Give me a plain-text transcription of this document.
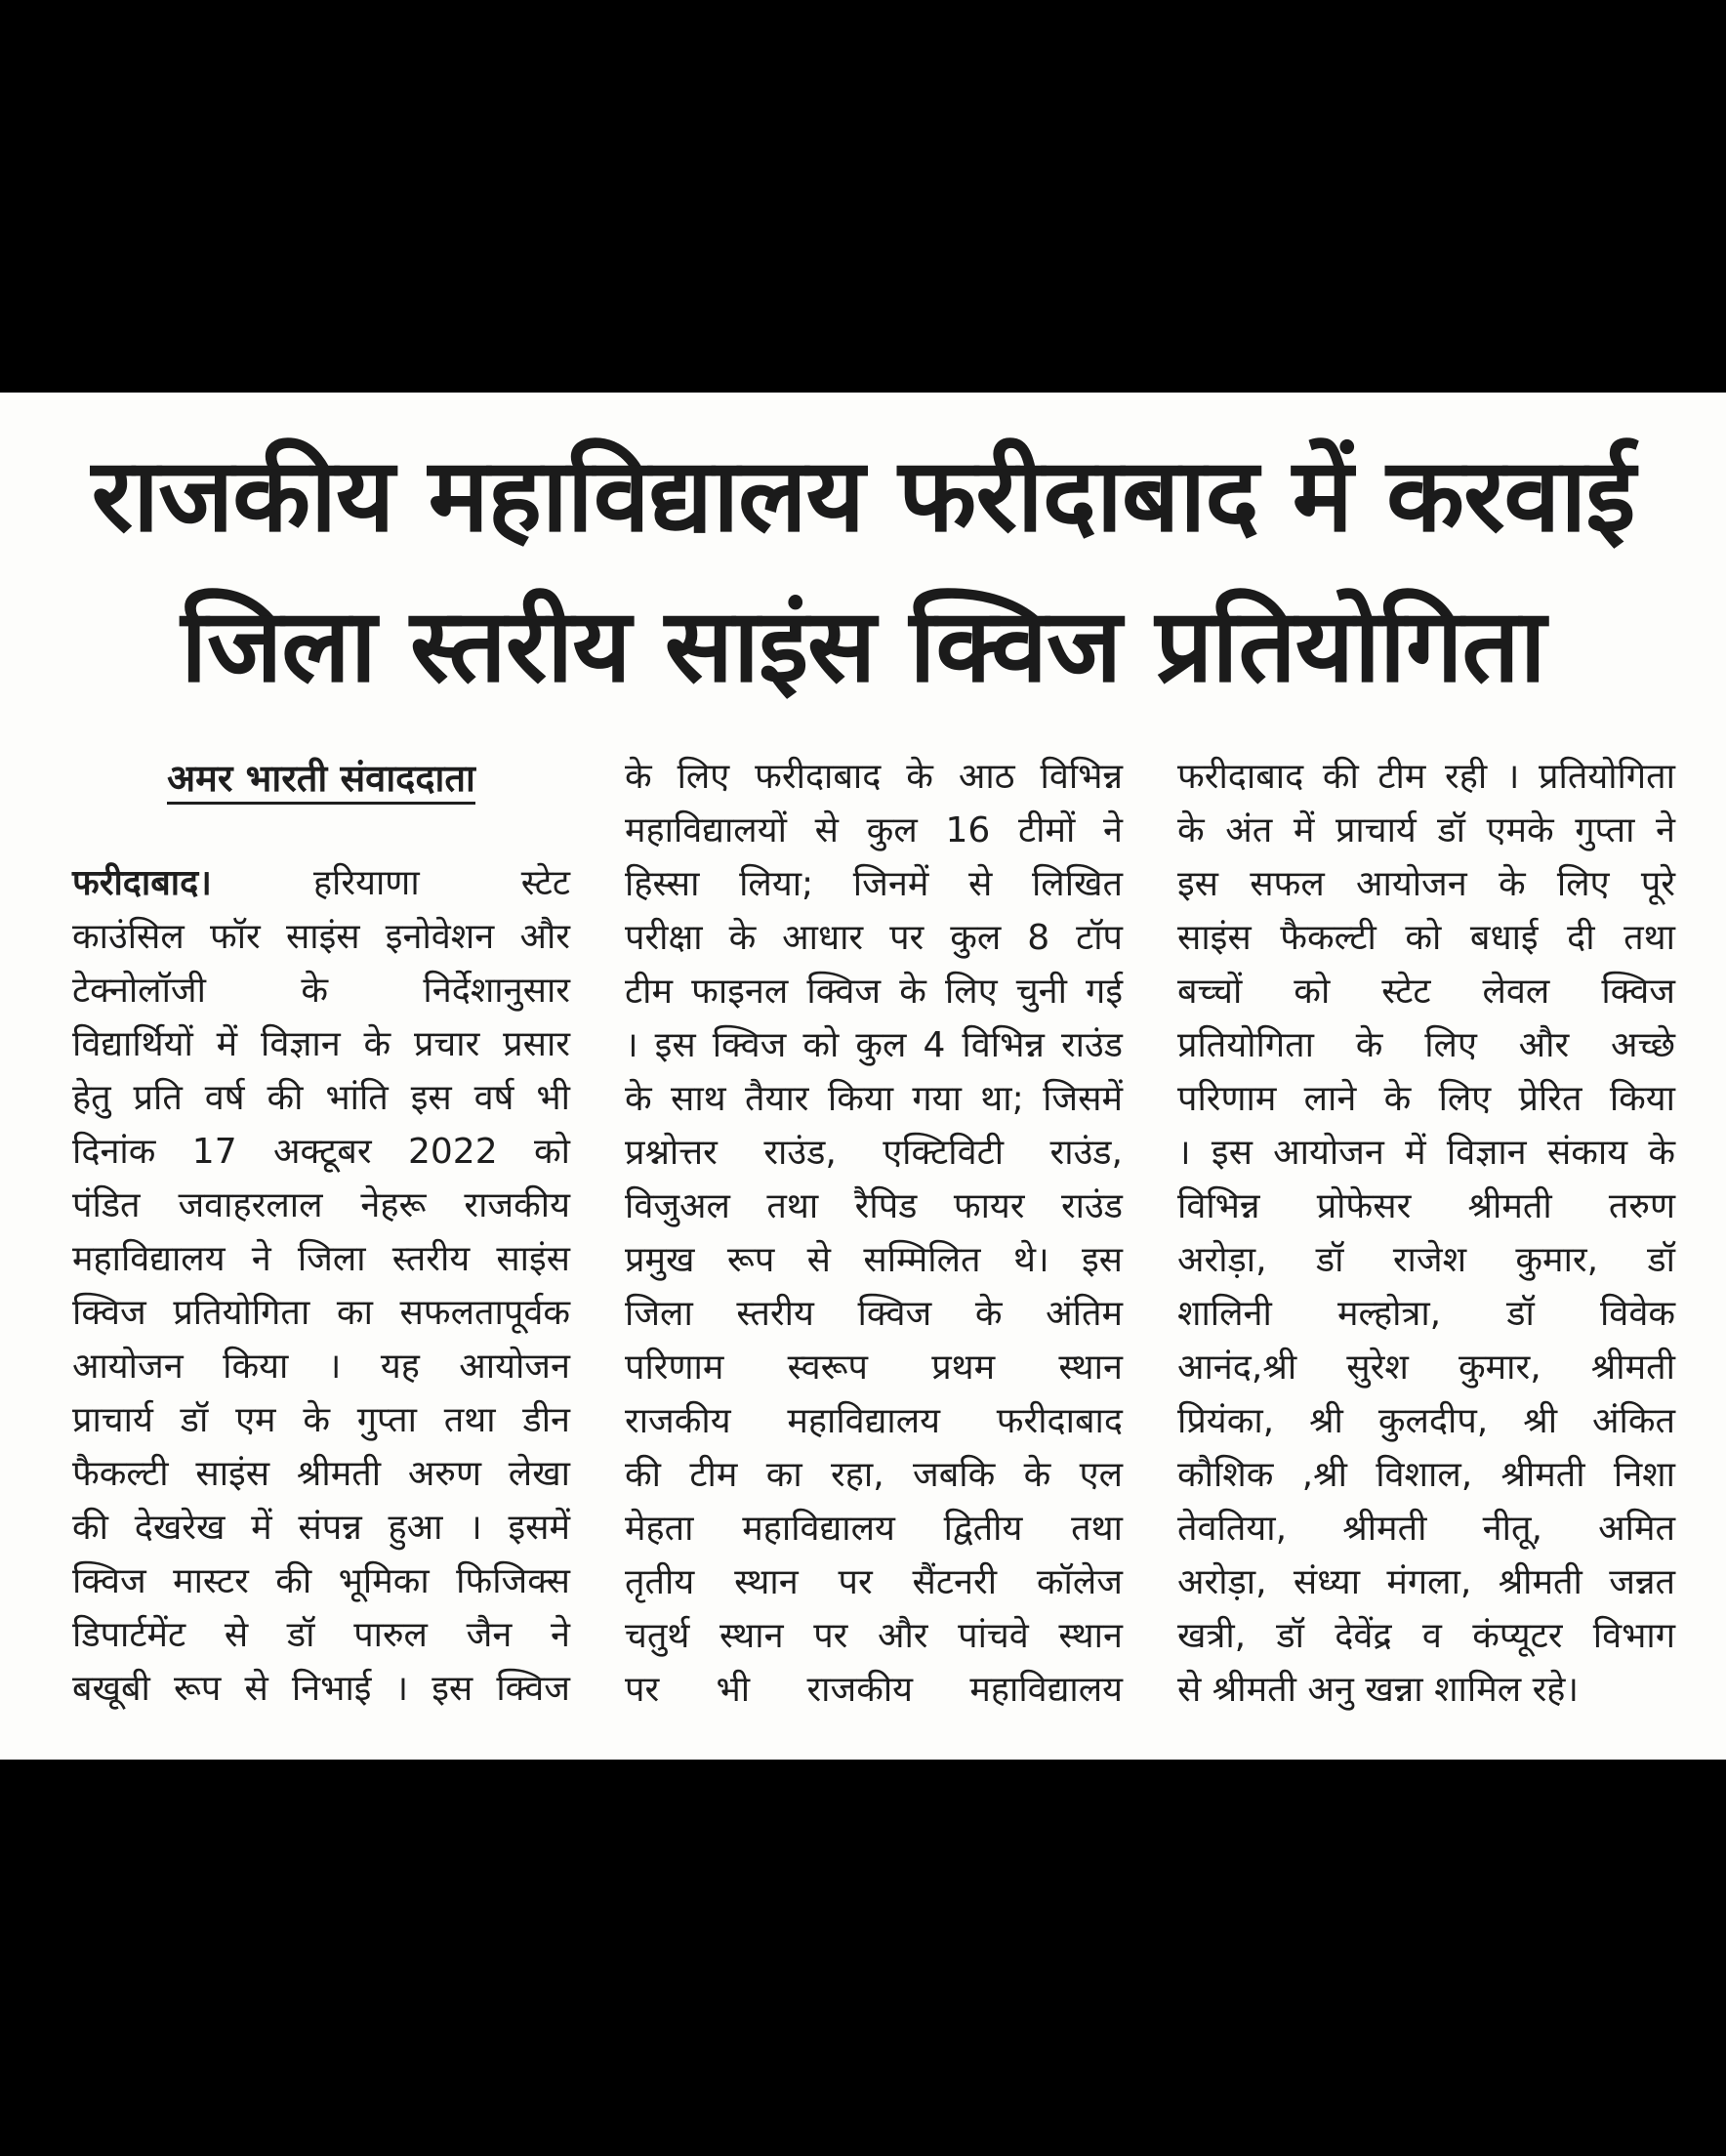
राजकीय महाविद्यालय फरीदाबाद में करवाई
जिला स्तरीय साइंस क्विज प्रतियोगिता
अमर भारती संवाददाता
फरीदाबाद।	हरियाणा स्टेट
काउंसिल फॉर साइंस इनोवेशन और
टेक्नोलॉजी के निर्देशानुसार
विद्यार्थियों में विज्ञान के प्रचार प्रसार
हेतु प्रति वर्ष की भांति इस वर्ष भी
दिनांक 17 अक्टूबर 2022 को
पंडित जवाहरलाल नेहरू राजकीय
महाविद्यालय ने जिला स्तरीय साइंस
क्विज प्रतियोगिता का सफलतापूर्वक
आयोजन किया । यह आयोजन
प्राचार्य डॉ एम के गुप्ता तथा डीन
फैकल्टी साइंस श्रीमती अरुण लेखा
की देखरेख में संपन्न हुआ । इसमें
क्विज मास्टर की भूमिका फिजिक्स
डिपार्टमेंट से डॉ पारुल जैन ने
बखूबी रूप से निभाई । इस क्विज
के लिए फरीदाबाद के आठ विभिन्न
महाविद्यालयों से कुल 16 टीमों ने
हिस्सा लिया; जिनमें से लिखित
परीक्षा के आधार पर कुल 8 टॉप
टीम फाइनल क्विज के लिए चुनी गई
। इस क्विज को कुल 4 विभिन्न राउंड
के साथ तैयार किया गया था; जिसमें
प्रश्नोत्तर राउंड, एक्टिविटी राउंड,
विजुअल तथा रैपिड फायर राउंड
प्रमुख रूप से सम्मिलित थे। इस
जिला स्तरीय क्विज के अंतिम
परिणाम स्वरूप प्रथम स्थान
राजकीय महाविद्यालय फरीदाबाद
की टीम का रहा, जबकि के एल
मेहता महाविद्यालय द्वितीय तथा
तृतीय स्थान पर सैंटनरी कॉलेज
चतुर्थ स्थान पर और पांचवे स्थान
पर भी राजकीय महाविद्यालय
फरीदाबाद की टीम रही । प्रतियोगिता
के अंत में प्राचार्य डॉ एमके गुप्ता ने
इस सफल आयोजन के लिए पूरे
साइंस फैकल्टी को बधाई दी तथा
बच्चों को स्टेट लेवल क्विज
प्रतियोगिता के लिए और अच्छे
परिणाम लाने के लिए प्रेरित किया
। इस आयोजन में विज्ञान संकाय के
विभिन्न प्रोफेसर श्रीमती तरुण
अरोड़ा, डॉ राजेश कुमार, डॉ
शालिनी मल्होत्रा, डॉ विवेक
आनंद,श्री सुरेश कुमार, श्रीमती
प्रियंका, श्री कुलदीप, श्री अंकित
कौशिक ,श्री विशाल, श्रीमती निशा
तेवतिया, श्रीमती नीतू, अमित
अरोड़ा, संध्या मंगला, श्रीमती जन्नत
खत्री, डॉ देवेंद्र व कंप्यूटर विभाग
से श्रीमती अनु खन्ना शामिल रहे।
